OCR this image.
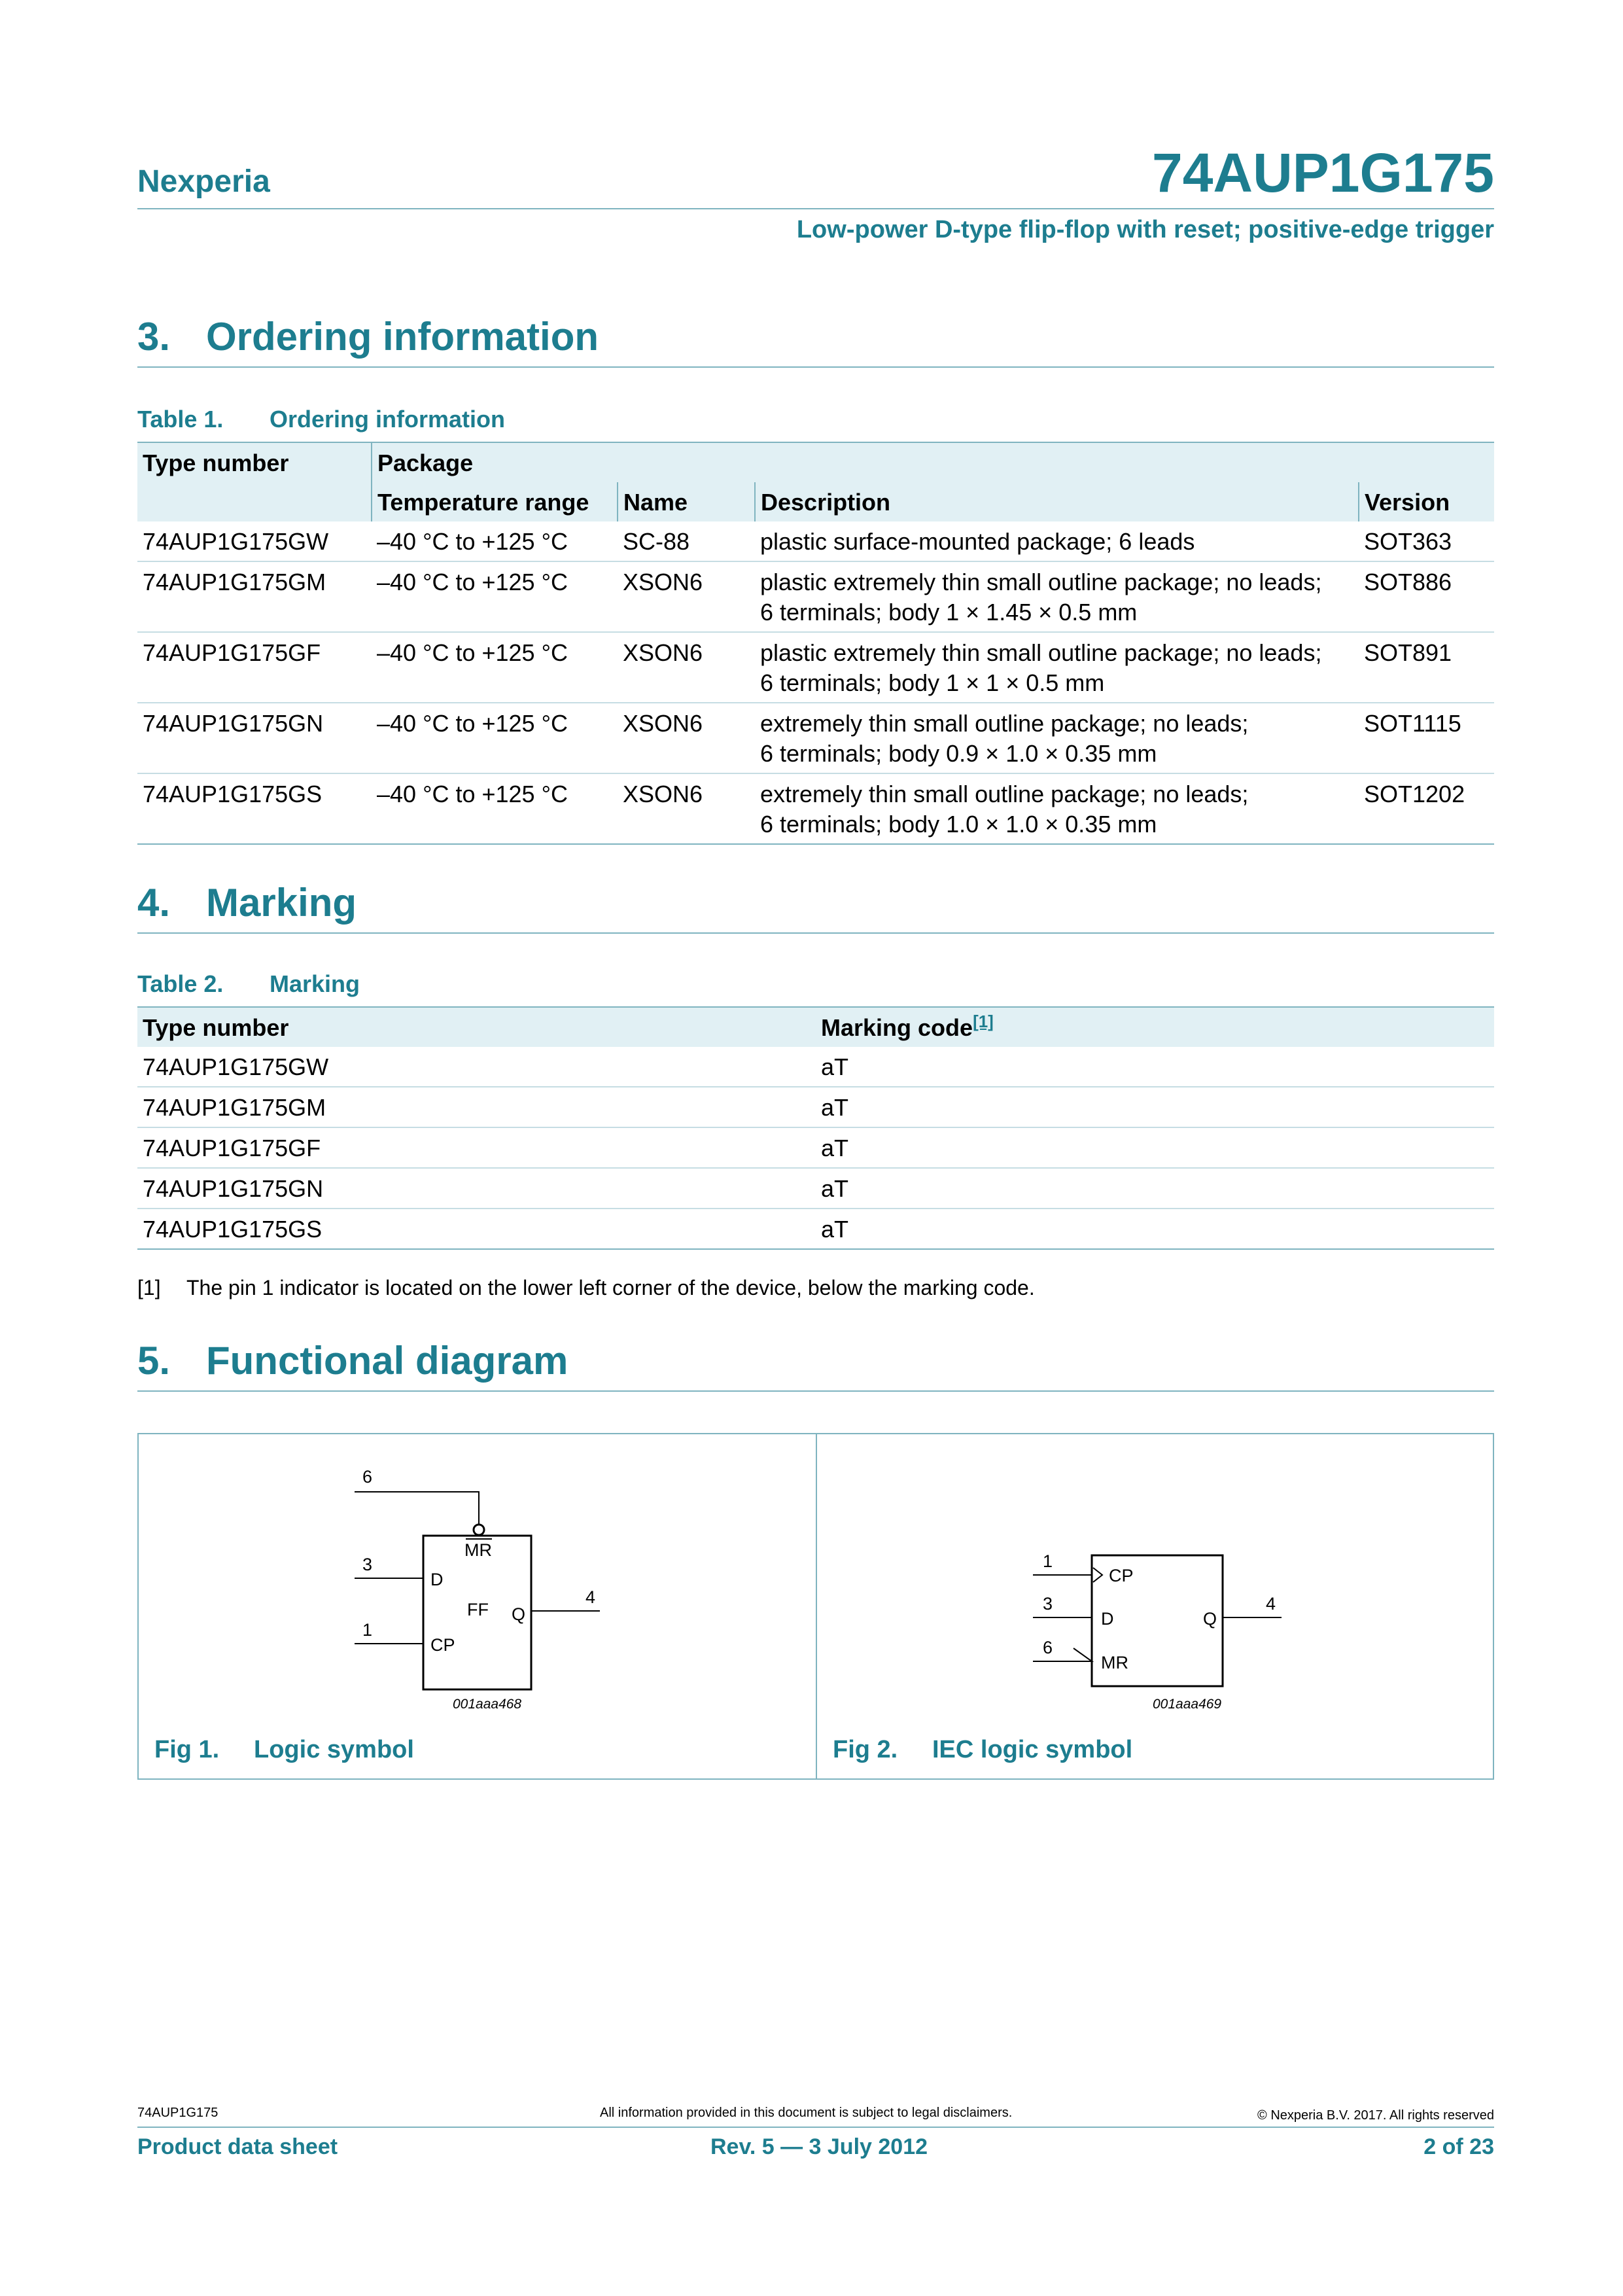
Nexperia	74AUP1G175
Low-power D-type flip-flop with reset; positive-edge trigger
3. Ordering information
Table 1. Ordering information
Type number	Package			
	Temperature range	Name	Description	Version
74AUP1G175GW	–40 °C to +125 °C	SC-88	plastic surface-mounted package; 6 leads	SOT363
74AUP1G175GM	–40 °C to +125 °C	XSON6	plastic extremely thin small outline package; no leads;
6 terminals; body 1 × 1.45 × 0.5 mm	SOT886
74AUP1G175GF	–40 °C to +125 °C	XSON6	plastic extremely thin small outline package; no leads;
6 terminals; body 1 × 1 × 0.5 mm	SOT891
74AUP1G175GN	–40 °C to +125 °C	XSON6	extremely thin small outline package; no leads;
6 terminals; body 0.9 × 1.0 × 0.35 mm	SOT1115
74AUP1G175GS	–40 °C to +125 °C	XSON6	extremely thin small outline package; no leads;
6 terminals; body 1.0 × 1.0 × 0.35 mm	SOT1202
4. Marking
Table 2. Marking
Type number	Marking code[1]
74AUP1G175GW	aT
74AUP1G175GM	aT
74AUP1G175GF	aT
74AUP1G175GN	aT
74AUP1G175GS	aT
[1] The pin 1 indicator is located on the lower left corner of the device, below the marking code.
5. Functional diagram
6
3
1
4
MR
D
FF Q
CP
001aaa468
Fig 1. Logic symbol
1
3
6
4
CP
D	Q
MR
001aaa469
Fig 2. IEC logic symbol
74AUP1G175	All information provided in this document is subject to legal disclaimers.	© Nexperia B.V. 2017. All rights reserved
Product data sheet	Rev. 5 — 3 July 2012	2 of 23
